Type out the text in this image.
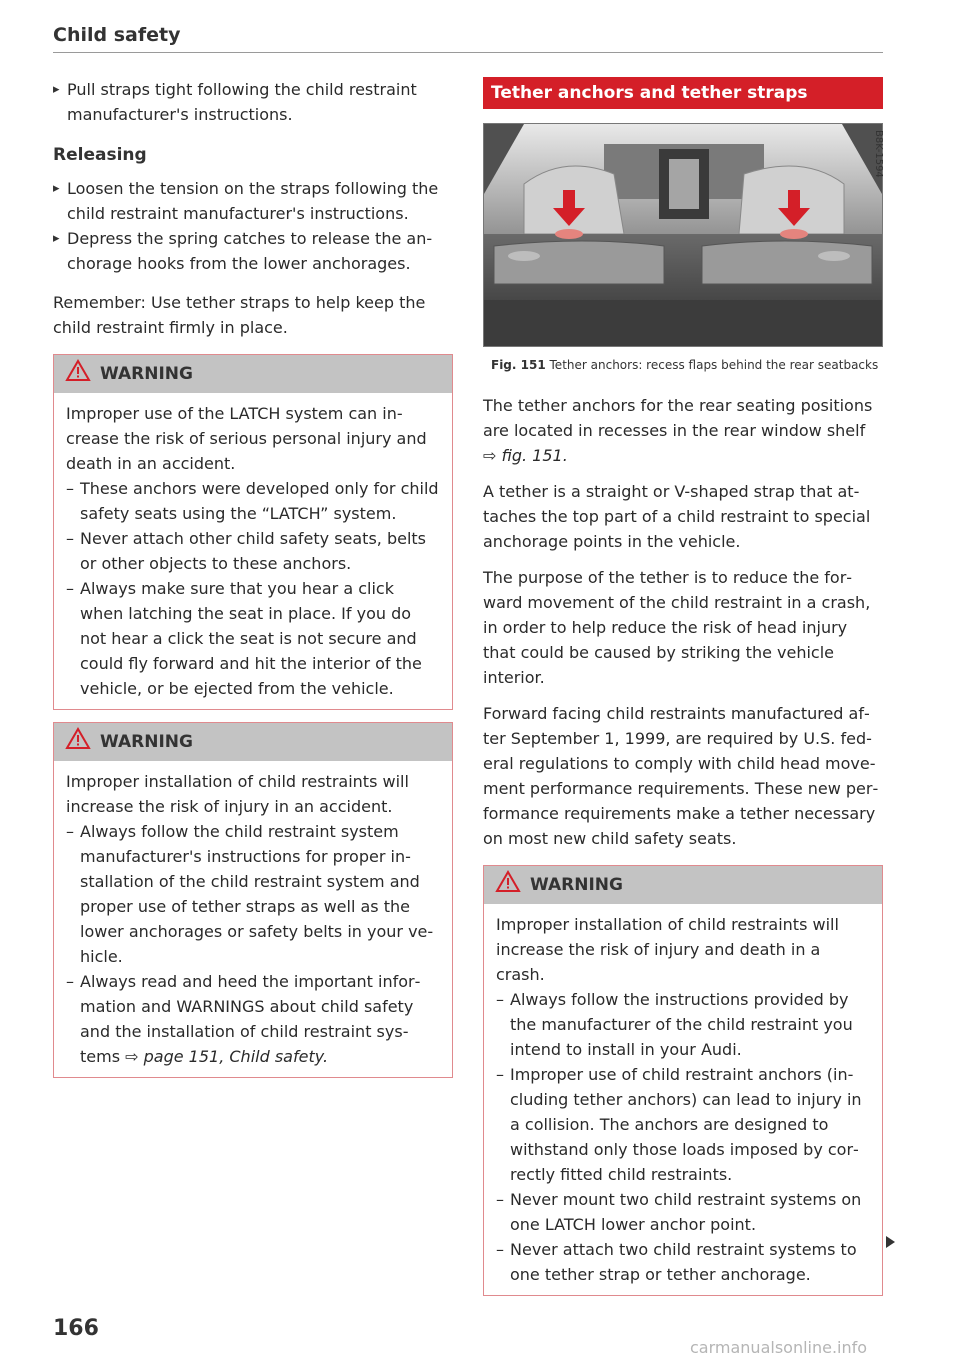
Child safety

▸ Pull straps tight following the child restraint manufacturer's instructions.

Releasing

▸ Loosen the tension on the straps following the child restraint manufacturer's instructions.

▸ Depress the spring catches to release the anchorage hooks from the lower anchorages.

Remember: Use tether straps to help keep the child restraint firmly in place.

WARNING

Improper use of the LATCH system can increase the risk of serious personal injury and death in an accident.

– These anchors were developed only for child safety seats using the “LATCH” system.

– Never attach other child safety seats, belts or other objects to these anchors.

– Always make sure that you hear a click when latching the seat in place. If you do not hear a click the seat is not secure and could fly forward and hit the interior of the vehicle, or be ejected from the vehicle.

WARNING

Improper installation of child restraints will increase the risk of injury in an accident.

– Always follow the child restraint system manufacturer's instructions for proper installation of the child restraint system and proper use of tether straps as well as the lower anchorages or safety belts in your vehicle.

– Always read and heed the important information and WARNINGS about child safety and the installation of child restraint systems ⇨ page 151, Child safety.

Tether anchors and tether straps
B8K-1594
Fig. 151 Tether anchors: recess flaps behind the rear seatbacks

The tether anchors for the rear seating positions are located in recesses in the rear window shelf ⇨ fig. 151.

A tether is a straight or V-shaped strap that attaches the top part of a child restraint to special anchorage points in the vehicle.

The purpose of the tether is to reduce the forward movement of the child restraint in a crash, in order to help reduce the risk of head injury that could be caused by striking the vehicle interior.

Forward facing child restraints manufactured after September 1, 1999, are required by U.S. federal regulations to comply with child head movement performance requirements. These new performance requirements make a tether necessary on most new child safety seats.

WARNING

Improper installation of child restraints will increase the risk of injury and death in a crash.

– Always follow the instructions provided by the manufacturer of the child restraint you intend to install in your Audi.

– Improper use of child restraint anchors (including tether anchors) can lead to injury in a collision. The anchors are designed to withstand only those loads imposed by correctly fitted child restraints.

– Never mount two child restraint systems on one LATCH lower anchor point.

– Never attach two child restraint systems to one tether strap or tether anchorage.

166
carmanualsonline.info
